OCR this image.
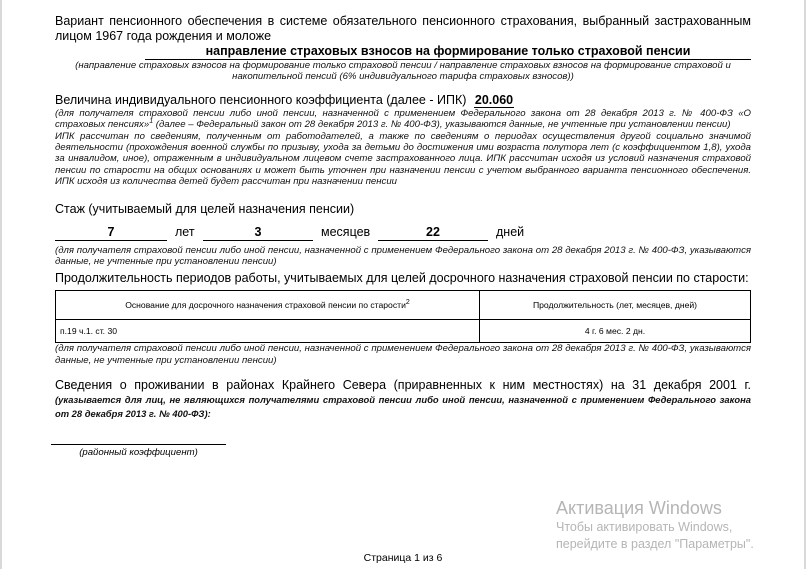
Вариант пенсионного обеспечения в системе обязательного пенсионного страхования, выбранный застрахованным лицом 1967 года рождения и моложе
направление страховых взносов на формирование только страховой пенсии
(направление страховых взносов на формирование только страховой пенсии / направление страховых взносов на формирование страховой и накопительной пенсий (6% индивидуального тарифа страховых взносов))
Величина индивидуального пенсионного коэффициента (далее - ИПК) 20.060
(для получателя страховой пенсии либо иной пенсии, назначенной с применением Федерального закона от 28 декабря 2013 г. № 400-ФЗ «О страховых пенсиях»$^1$ (далее – Федеральный закон от 28 декабря 2013 г. № 400-ФЗ), указываются данные, не учтенные при установлении пенсии)
ИПК рассчитан по сведениям, полученным от работодателей, а также по сведениям о периодах осуществления другой социально значимой деятельности (прохождения военной службы по призыву, ухода за детьми до достижения ими возраста полутора лет (с коэффициентом 1,8), ухода за инвалидом, иное), отраженным в индивидуальном лицевом счете застрахованного лица. ИПК рассчитан исходя из условий назначения страховой пенсии по старости на общих основаниях и может быть уточнен при назначении пенсии с учетом выбранного варианта пенсионного обеспечения. ИПК исходя из количества детей будет рассчитан при назначении пенсии
Стаж (учитываемый для целей назначения пенсии)
7	лет	3	месяцев	22	дней
(для получателя страховой пенсии либо иной пенсии, назначенной с применением Федерального закона от 28 декабря 2013 г. № 400-ФЗ, указываются данные, не учтенные при установлении пенсии)
Продолжительность периодов работы, учитываемых для целей досрочного назначения страховой пенсии по старости:
Основание для досрочного назначения страховой пенсии по старости$^2$	Продолжительность (лет, месяцев, дней)
п.19 ч.1. ст. 30	4 г. 6 мес. 2 дн.
(для получателя страховой пенсии либо иной пенсии, назначенной с применением Федерального закона от 28 декабря 2013 г. № 400-ФЗ, указываются данные, не учтенные при установлении пенсии)
Сведения о проживании в районах Крайнего Севера (приравненных к ним местностях) на 31 декабря 2001 г.
(указывается для лиц, не являющихся получателями страховой пенсии либо иной пенсии, назначенной с применением Федерального закона от 28 декабря 2013 г. № 400-ФЗ):
(районный коэффициент)
Активация Windows
Чтобы активировать Windows,
перейдите в раздел "Параметры".
Страница 1 из 6
